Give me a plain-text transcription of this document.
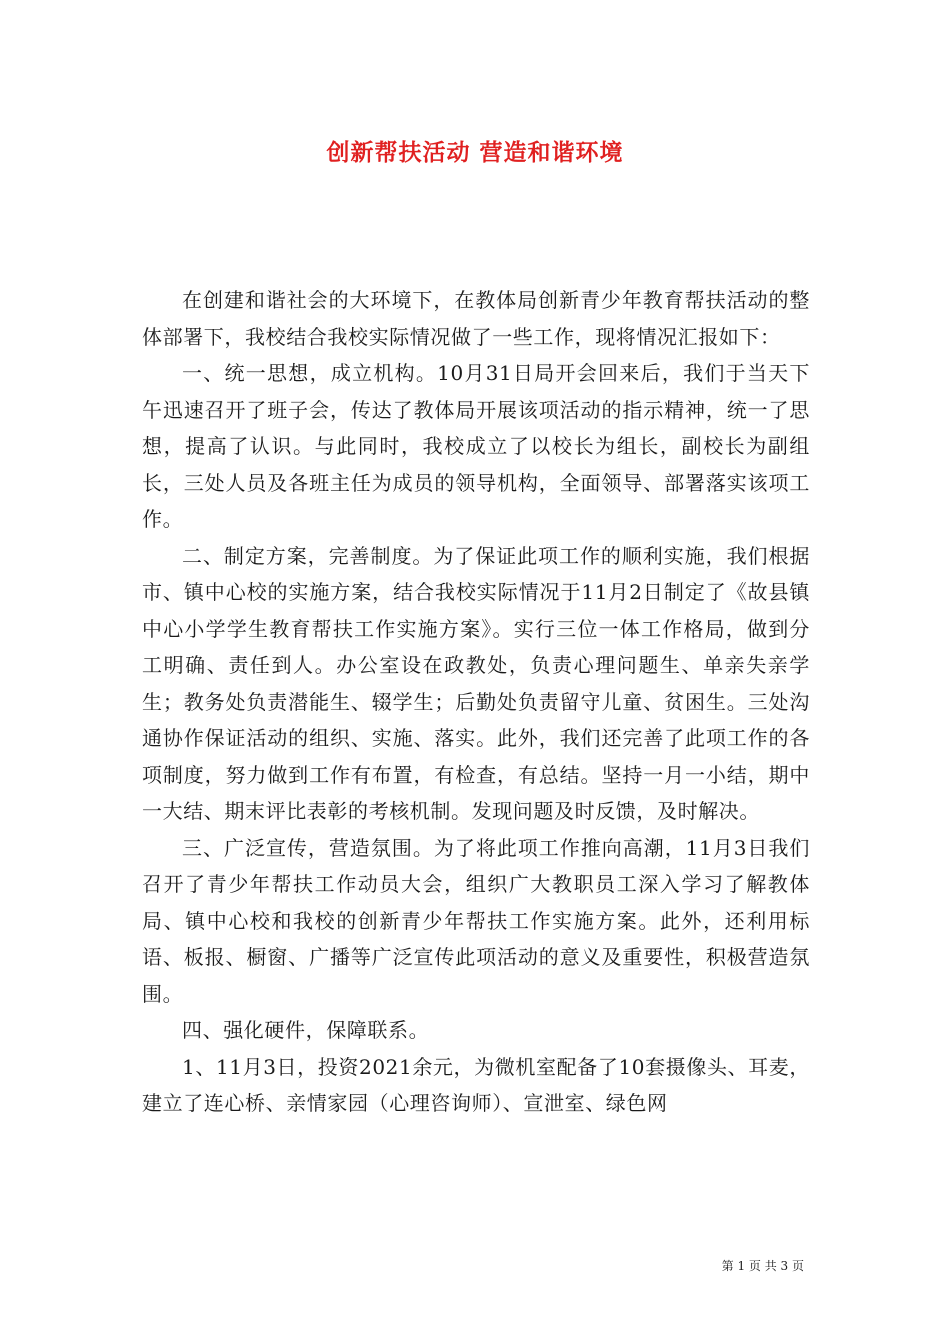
创新帮扶活动 营造和谐环境

在创建和谐社会的大环境下，在教体局创新青少年教育帮扶活动的整体部署下，我校结合我校实际情况做了一些工作，现将情况汇报如下：

一、统一思想，成立机构。10月31日局开会回来后，我们于当天下午迅速召开了班子会，传达了教体局开展该项活动的指示精神，统一了思想，提高了认识。与此同时，我校成立了以校长为组长，副校长为副组长，三处人员及各班主任为成员的领导机构，全面领导、部署落实该项工作。

二、制定方案，完善制度。为了保证此项工作的顺利实施，我们根据市、镇中心校的实施方案，结合我校实际情况于11月2日制定了《故县镇中心小学学生教育帮扶工作实施方案》。实行三位一体工作格局，做到分工明确、责任到人。办公室设在政教处，负责心理问题生、单亲失亲学生；教务处负责潜能生、辍学生；后勤处负责留守儿童、贫困生。三处沟通协作保证活动的组织、实施、落实。此外，我们还完善了此项工作的各项制度，努力做到工作有布置，有检查，有总结。坚持一月一小结，期中一大结、期末评比表彰的考核机制。发现问题及时反馈，及时解决。

三、广泛宣传，营造氛围。为了将此项工作推向高潮，11月3日我们召开了青少年帮扶工作动员大会，组织广大教职员工深入学习了解教体局、镇中心校和我校的创新青少年帮扶工作实施方案。此外，还利用标语、板报、橱窗、广播等广泛宣传此项活动的意义及重要性，积极营造氛围。

四、强化硬件，保障联系。

1、11月3日，投资2021余元，为微机室配备了10套摄像头、耳麦，建立了连心桥、亲情家园（心理咨询师）、宣泄室、绿色网

第 1 页 共 3 页
